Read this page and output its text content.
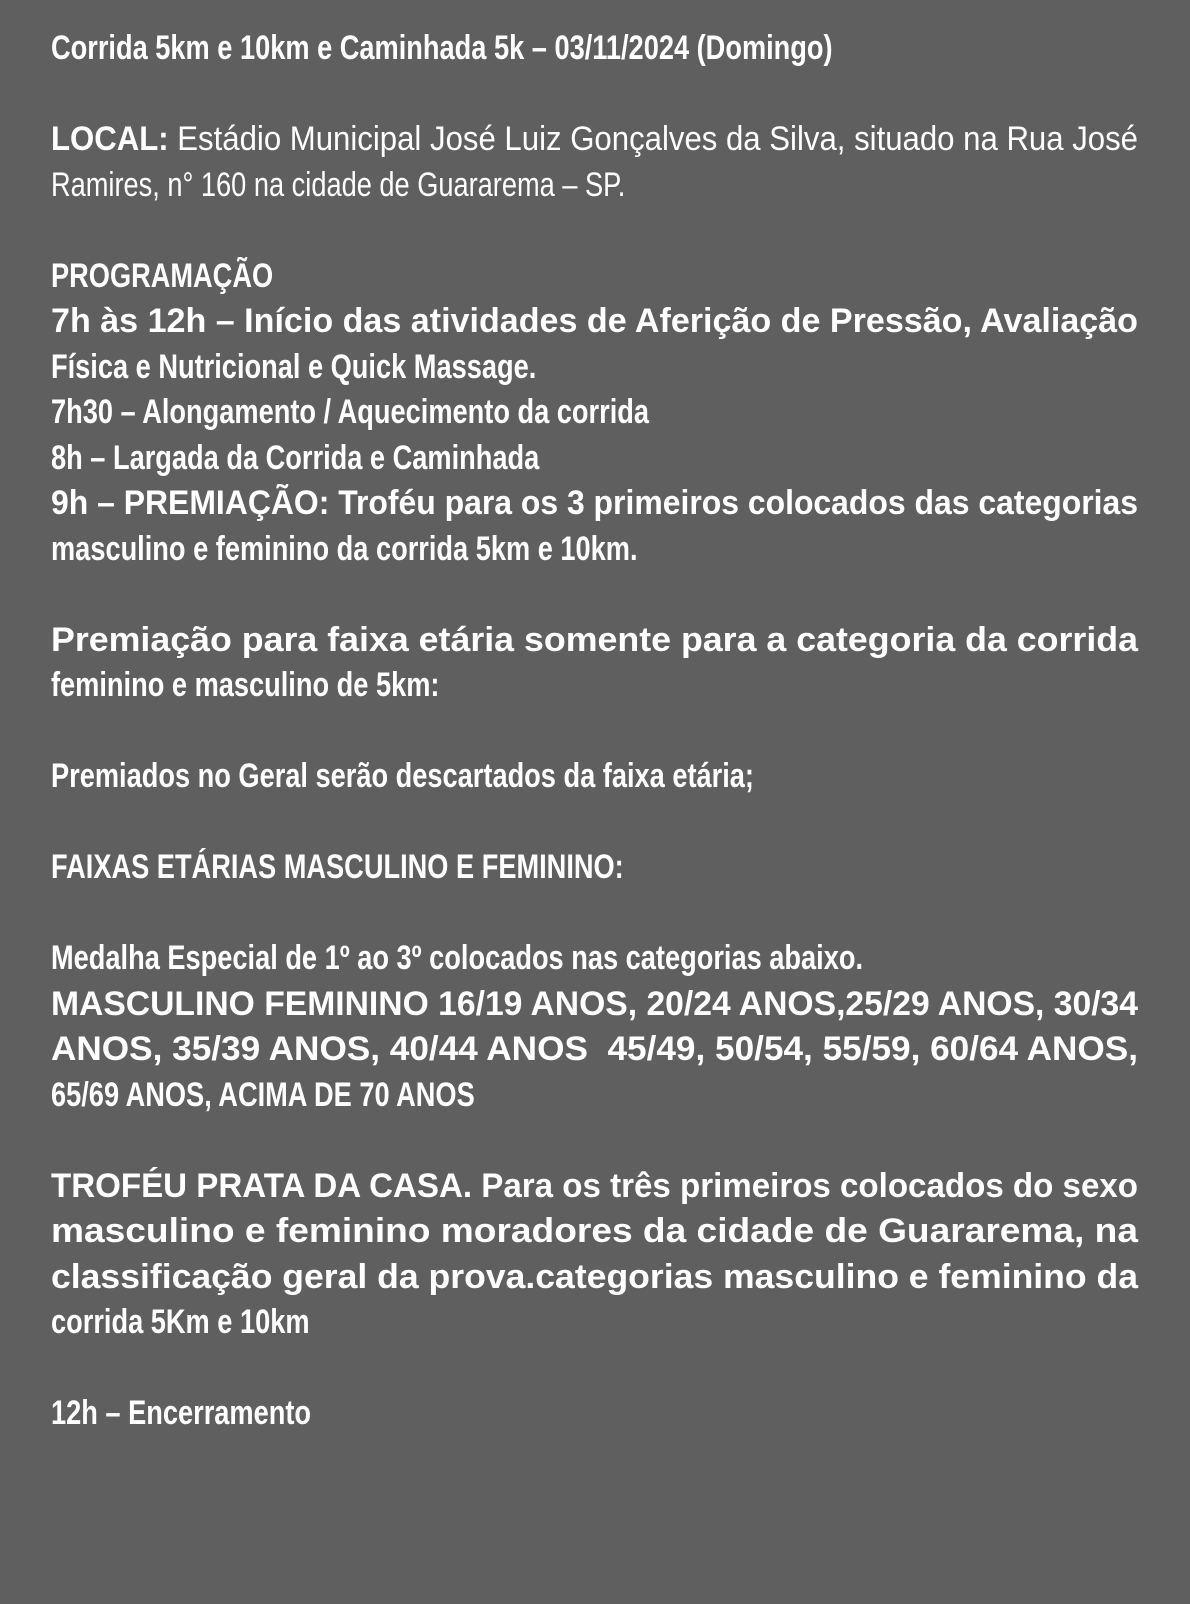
Corrida 5km e 10km e Caminhada 5k – 03/11/2024 (Domingo)
LOCAL: Estádio Municipal José Luiz Gonçalves da Silva, situado na Rua José
Ramires, n° 160 na cidade de Guararema – SP.
PROGRAMAÇÃO
7h às 12h – Início das atividades de Aferição de Pressão, Avaliação
Física e Nutricional e Quick Massage.
7h30 – Alongamento / Aquecimento da corrida
8h – Largada da Corrida e Caminhada
9h – PREMIAÇÃO: Troféu para os 3 primeiros colocados das categorias
masculino e feminino da corrida 5km e 10km.
Premiação para faixa etária somente para a categoria da corrida
feminino e masculino de 5km:
Premiados no Geral serão descartados da faixa etária;
FAIXAS ETÁRIAS MASCULINO E FEMININO:
Medalha Especial de 1º ao 3º colocados nas categorias abaixo.
MASCULINO FEMININO 16/19 ANOS, 20/24 ANOS,25/29 ANOS, 30/34
ANOS, 35/39 ANOS, 40/44 ANOS  45/49, 50/54, 55/59, 60/64 ANOS,
65/69 ANOS, ACIMA DE 70 ANOS
TROFÉU PRATA DA CASA. Para os três primeiros colocados do sexo
masculino e feminino moradores da cidade de Guararema, na
classificação geral da prova.categorias masculino e feminino da
corrida 5Km e 10km
12h – Encerramento
